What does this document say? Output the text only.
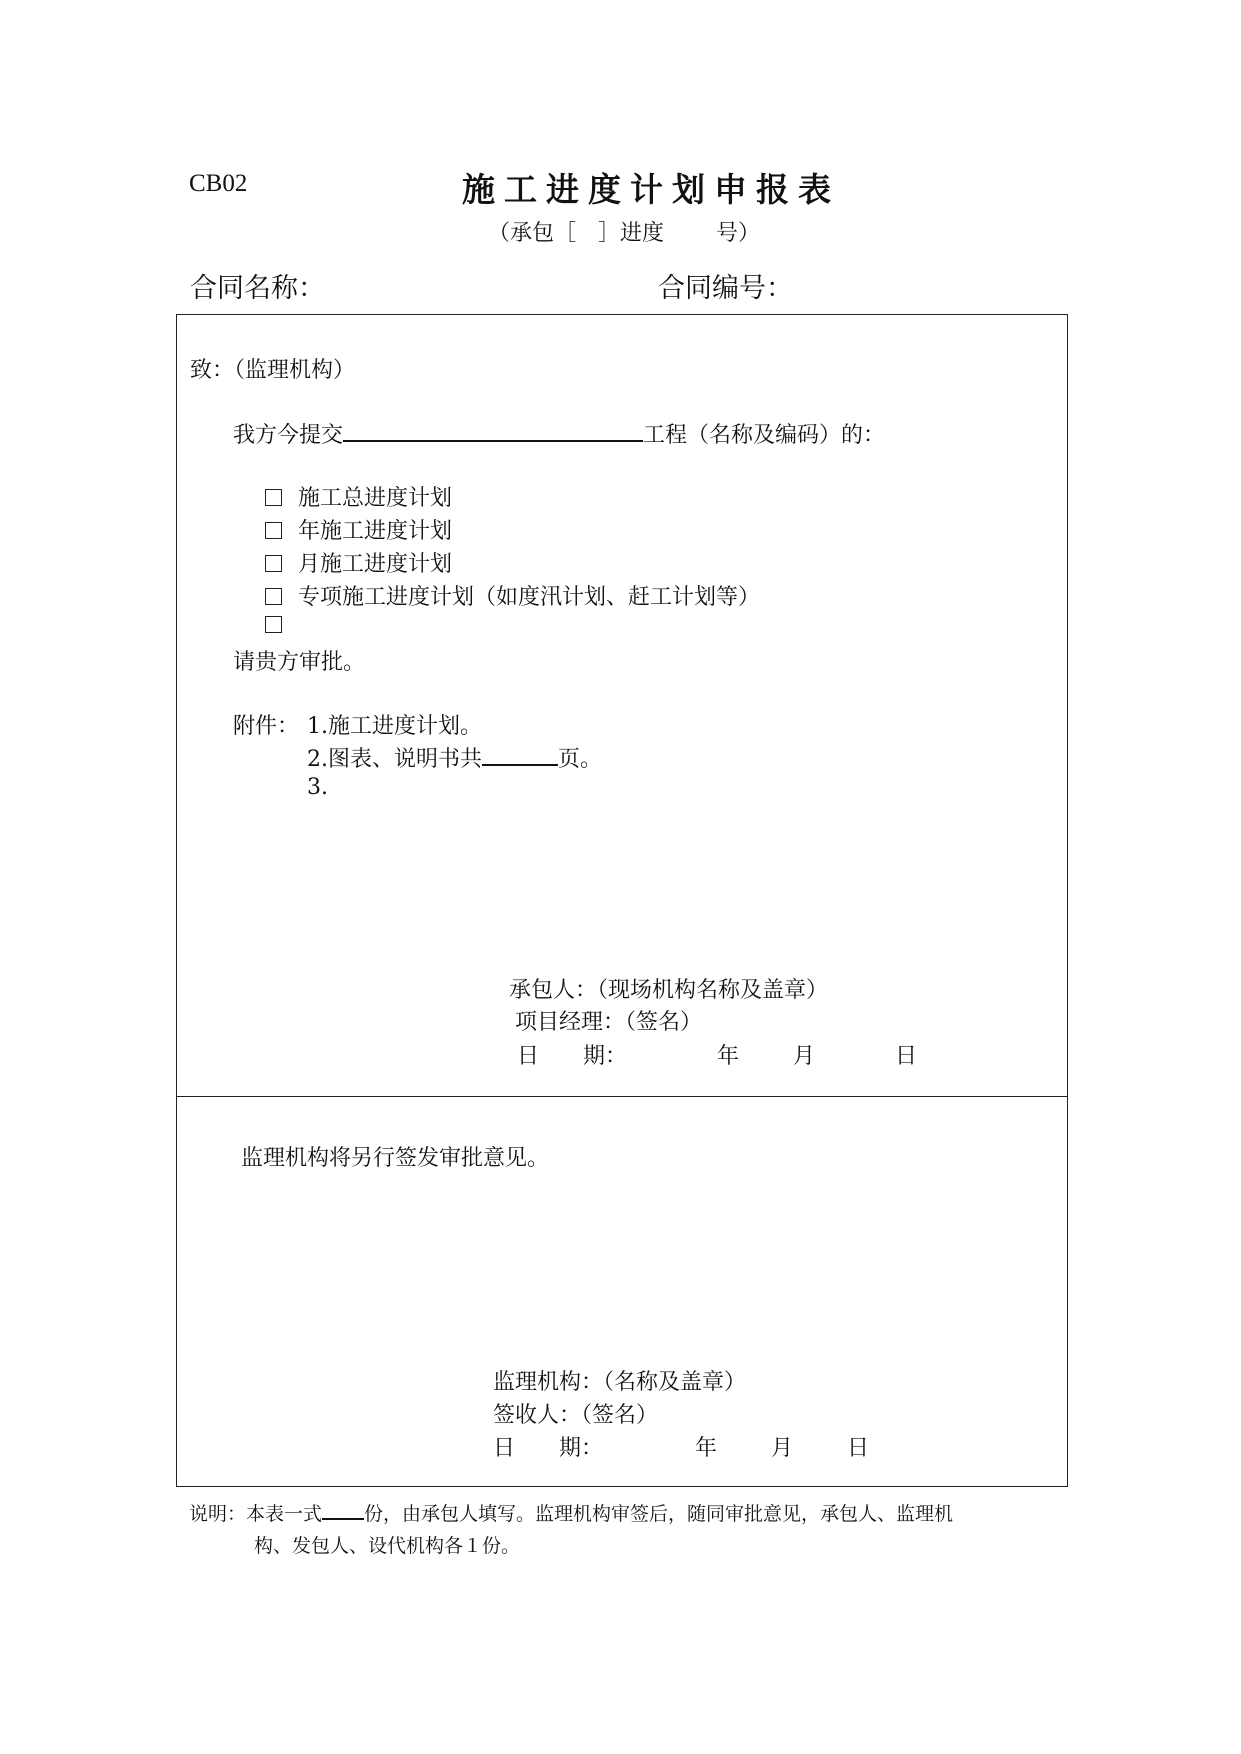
CB02	施工进度计划申报表
（承包［ ］进度 号）
合同名称：	合同编号：
致：（监理机构）
我方今提交	工程（名称及编码）的：
施工总进度计划
年施工进度计划
月施工进度计划
专项施工进度计划（如度汛计划、赶工计划等）
请贵方审批。
附件： 1.施工进度计划。
2.图表、说明书共	页。
3.
承包人：（现场机构名称及盖章）
项目经理：（签名）
日　　期：	年 月	日
监理机构将另行签发审批意见。
监理机构：（名称及盖章）
签收人：（签名）
日　　期：	年 月 日
说明：本表一式 份，由承包人填写。监理机构审签后，随同审批意见，承包人、监理机
构、发包人、设代机构各１份。
